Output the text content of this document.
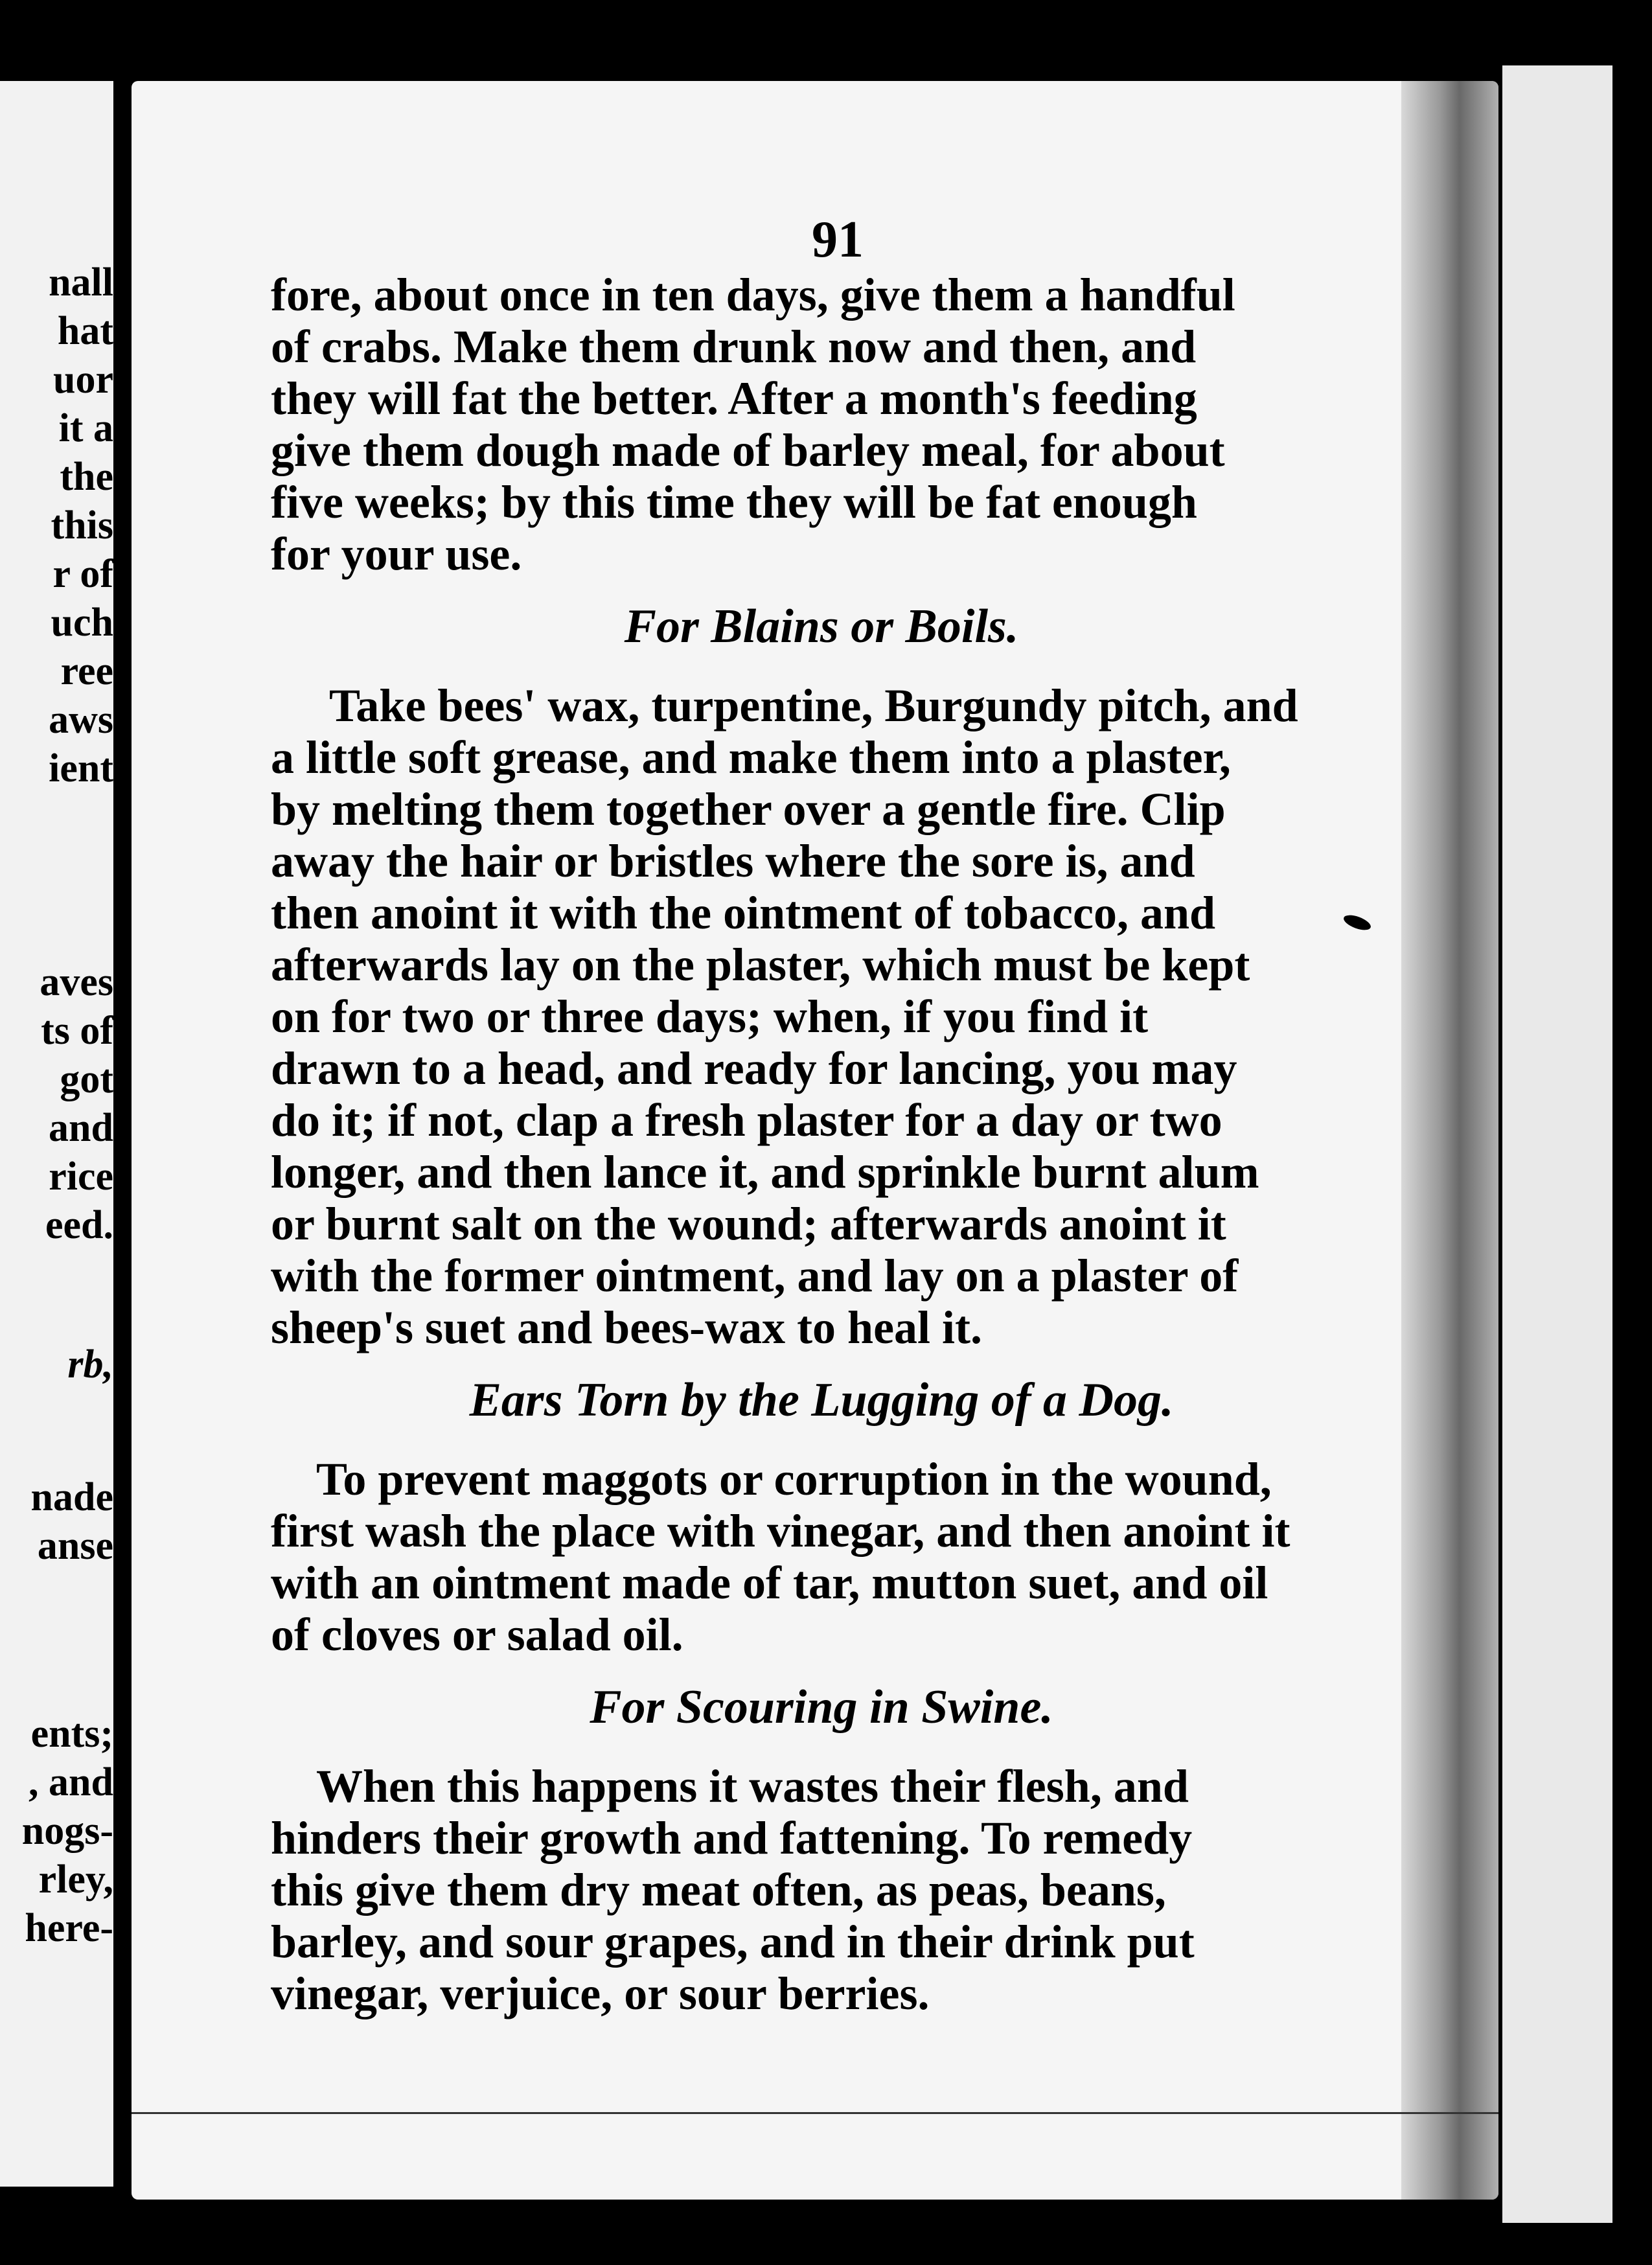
nall
hat
uor
it a
the
this
r of
uch
ree
aws
ient
aves
ts of
got
and
rice
eed.
rb,
nade
anse
ents;
, and
nogs-
rley,
here-
91
fore, about once in ten days, give them a handful
of crabs. Make them drunk now and then, and
they will fat the better. After a month's feeding
give them dough made of barley meal, for about
five weeks; by this time they will be fat enough
for your use.
For Blains or Boils.
Take bees' wax, turpentine, Burgundy pitch, and
a little soft grease, and make them into a plaster,
by melting them together over a gentle fire. Clip
away the hair or bristles where the sore is, and
then anoint it with the ointment of tobacco, and
afterwards lay on the plaster, which must be kept
on for two or three days; when, if you find it
drawn to a head, and ready for lancing, you may
do it; if not, clap a fresh plaster for a day or two
longer, and then lance it, and sprinkle burnt alum
or burnt salt on the wound; afterwards anoint it
with the former ointment, and lay on a plaster of
sheep's suet and bees-wax to heal it.
Ears Torn by the Lugging of a Dog.
To prevent maggots or corruption in the wound,
first wash the place with vinegar, and then anoint it
with an ointment made of tar, mutton suet, and oil
of cloves or salad oil.
For Scouring in Swine.
When this happens it wastes their flesh, and
hinders their growth and fattening. To remedy
this give them dry meat often, as peas, beans,
barley, and sour grapes, and in their drink put
vinegar, verjuice, or sour berries.
